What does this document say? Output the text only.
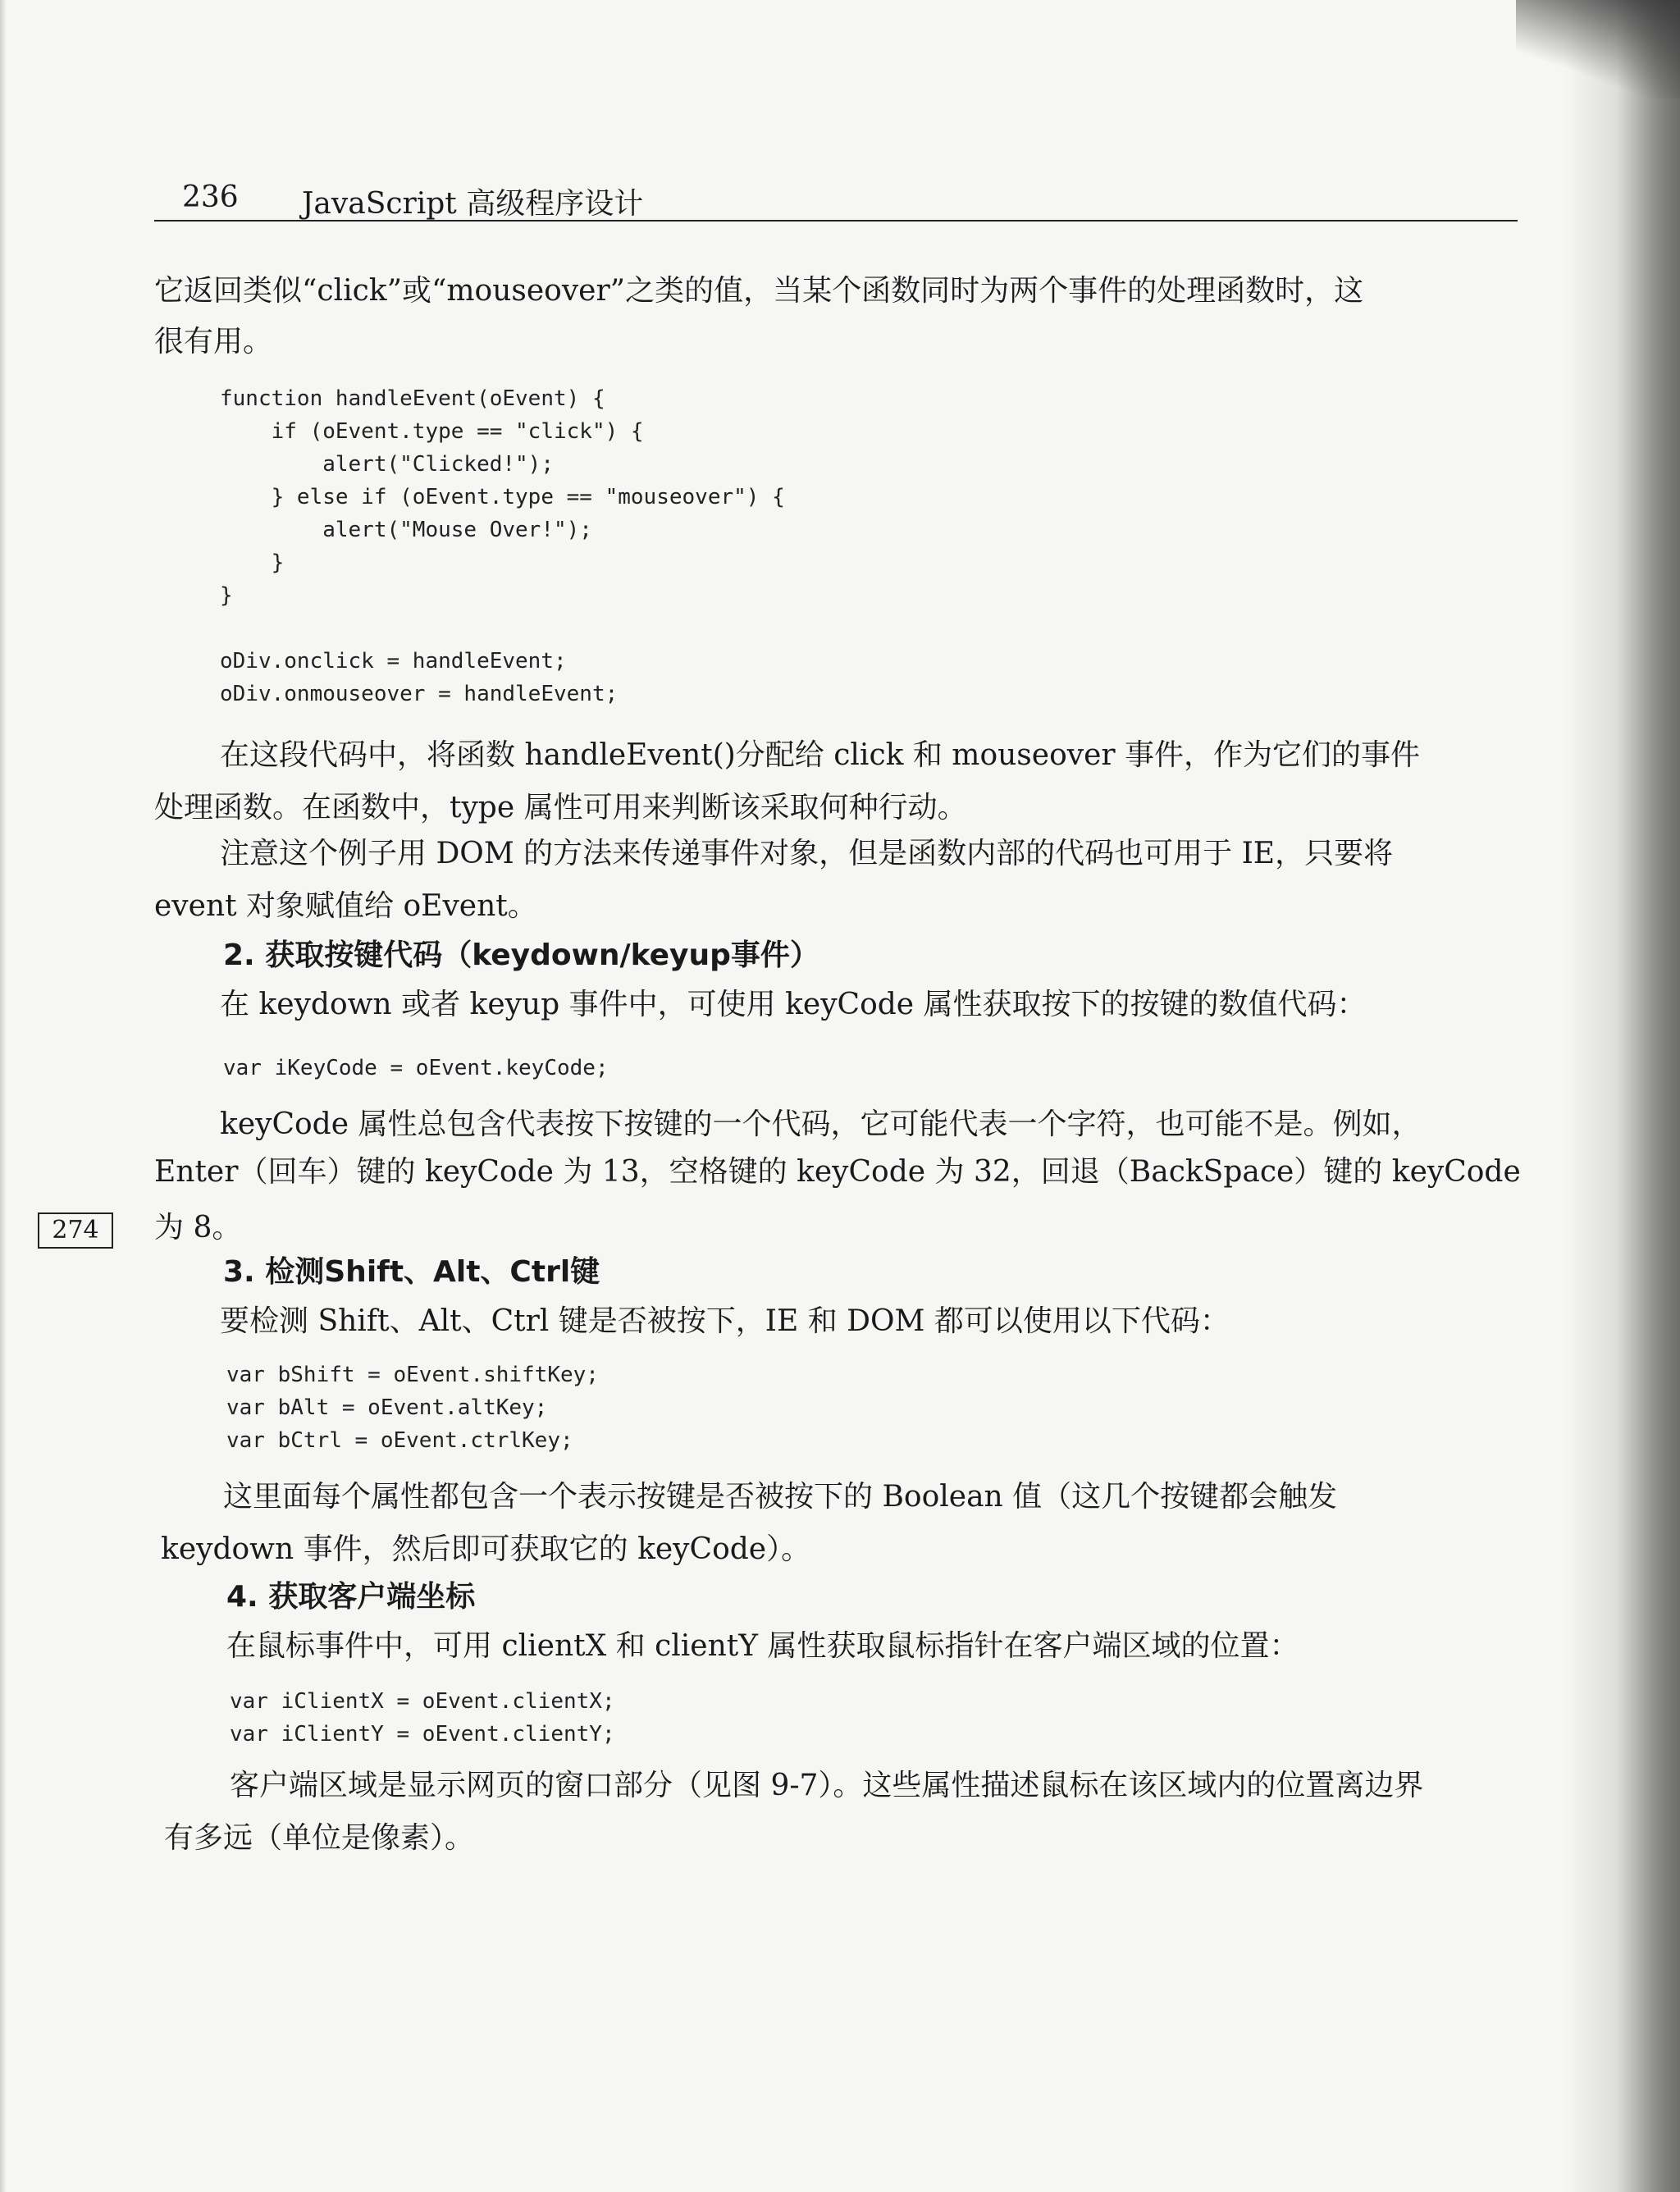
236 JavaScript 高级程序设计

它返回类似“click”或“mouseover”之类的值，当某个函数同时为两个事件的处理函数时，这

很有用。

function handleEvent(oEvent) {
if (oEvent.type == "click") {
alert("Clicked!");
} else if (oEvent.type == "mouseover") {
alert("Mouse Over!");
}
}

oDiv.onclick = handleEvent;
oDiv.onmouseover = handleEvent;

在这段代码中，将函数 handleEvent()分配给 click 和 mouseover 事件，作为它们的事件

处理函数。在函数中，type 属性可用来判断该采取何种行动。

注意这个例子用 DOM 的方法来传递事件对象，但是函数内部的代码也可用于 IE，只要将

event 对象赋值给 oEvent。

2. 获取按键代码（keydown/keyup事件）

在 keydown 或者 keyup 事件中，可使用 keyCode 属性获取按下的按键的数值代码：

var iKeyCode = oEvent.keyCode;

keyCode 属性总包含代表按下按键的一个代码，它可能代表一个字符，也可能不是。例如，

Enter（回车）键的 keyCode 为 13，空格键的 keyCode 为 32，回退（BackSpace）键的 keyCode

为 8。

274

3. 检测Shift、Alt、Ctrl键

要检测 Shift、Alt、Ctrl 键是否被按下，IE 和 DOM 都可以使用以下代码：

var bShift = oEvent.shiftKey;
var bAlt = oEvent.altKey;
var bCtrl = oEvent.ctrlKey;

这里面每个属性都包含一个表示按键是否被按下的 Boolean 值（这几个按键都会触发

keydown 事件，然后即可获取它的 keyCode）。

4. 获取客户端坐标

在鼠标事件中，可用 clientX 和 clientY 属性获取鼠标指针在客户端区域的位置：

var iClientX = oEvent.clientX;
var iClientY = oEvent.clientY;

客户端区域是显示网页的窗口部分（见图 9-7）。这些属性描述鼠标在该区域内的位置离边界

有多远（单位是像素）。
